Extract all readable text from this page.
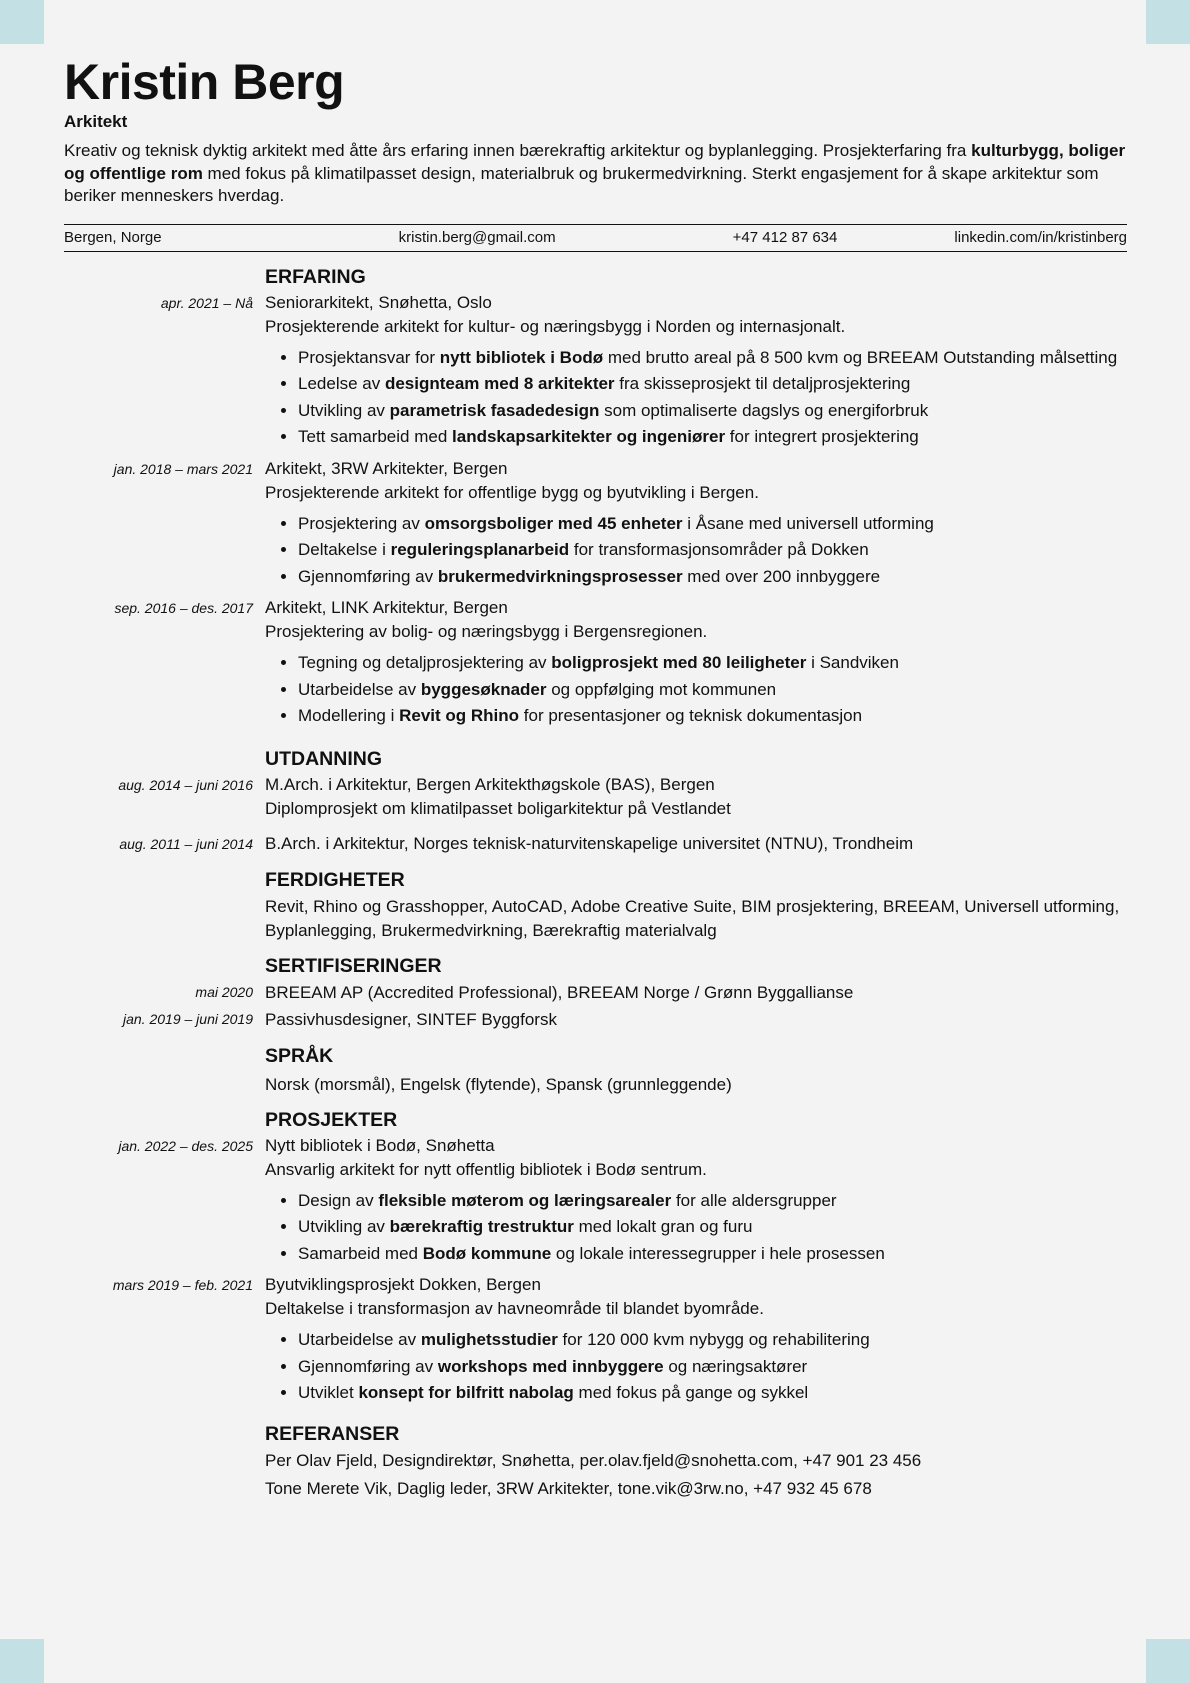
Kristin Berg
Arkitekt
Kreativ og teknisk dyktig arkitekt med åtte års erfaring innen bærekraftig arkitektur og byplanlegging. Prosjekterfaring fra kulturbygg, boliger og offentlige rom med fokus på klimatilpasset design, materialbruk og brukermedvirkning. Sterkt engasjement for å skape arkitektur som beriker menneskers hverdag.
Bergen, Norge	kristin.berg@gmail.com	+47 412 87 634	linkedin.com/in/kristinberg
ERFARING
apr. 2021 – Nå Seniorarkitekt, Snøhetta, Oslo
Prosjekterende arkitekt for kultur- og næringsbygg i Norden og internasjonalt.
• Prosjektansvar for nytt bibliotek i Bodø med brutto areal på 8 500 kvm og BREEAM Outstanding målsetting
• Ledelse av designteam med 8 arkitekter fra skisseprosjekt til detaljprosjektering
• Utvikling av parametrisk fasadedesign som optimaliserte dagslys og energiforbruk
• Tett samarbeid med landskapsarkitekter og ingeniører for integrert prosjektering
jan. 2018 – mars 2021 Arkitekt, 3RW Arkitekter, Bergen
Prosjekterende arkitekt for offentlige bygg og byutvikling i Bergen.
• Prosjektering av omsorgsboliger med 45 enheter i Åsane med universell utforming
• Deltakelse i reguleringsplanarbeid for transformasjonsområder på Dokken
• Gjennomføring av brukermedvirkningsprosesser med over 200 innbyggere
sep. 2016 – des. 2017 Arkitekt, LINK Arkitektur, Bergen
Prosjektering av bolig- og næringsbygg i Bergensregionen.
• Tegning og detaljprosjektering av boligprosjekt med 80 leiligheter i Sandviken
• Utarbeidelse av byggesøknader og oppfølging mot kommunen
• Modellering i Revit og Rhino for presentasjoner og teknisk dokumentasjon
UTDANNING
aug. 2014 – juni 2016 M.Arch. i Arkitektur, Bergen Arkitekthøgskole (BAS), Bergen
Diplomprosjekt om klimatilpasset boligarkitektur på Vestlandet
aug. 2011 – juni 2014 B.Arch. i Arkitektur, Norges teknisk-naturvitenskapelige universitet (NTNU), Trondheim
FERDIGHETER
Revit, Rhino og Grasshopper, AutoCAD, Adobe Creative Suite, BIM prosjektering, BREEAM, Universell utforming, Byplanlegging, Brukermedvirkning, Bærekraftig materialvalg
SERTIFISERINGER
mai 2020 BREEAM AP (Accredited Professional), BREEAM Norge / Grønn Byggallianse
jan. 2019 – juni 2019 Passivhusdesigner, SINTEF Byggforsk
SPRÅK
Norsk (morsmål), Engelsk (flytende), Spansk (grunnleggende)
PROSJEKTER
jan. 2022 – des. 2025 Nytt bibliotek i Bodø, Snøhetta
Ansvarlig arkitekt for nytt offentlig bibliotek i Bodø sentrum.
• Design av fleksible møterom og læringsarealer for alle aldersgrupper
• Utvikling av bærekraftig trestruktur med lokalt gran og furu
• Samarbeid med Bodø kommune og lokale interessegrupper i hele prosessen
mars 2019 – feb. 2021 Byutviklingsprosjekt Dokken, Bergen
Deltakelse i transformasjon av havneområde til blandet byområde.
• Utarbeidelse av mulighetsstudier for 120 000 kvm nybygg og rehabilitering
• Gjennomføring av workshops med innbyggere og næringsaktører
• Utviklet konsept for bilfritt nabolag med fokus på gange og sykkel
REFERANSER
Per Olav Fjeld, Designdirektør, Snøhetta, per.olav.fjeld@snohetta.com, +47 901 23 456
Tone Merete Vik, Daglig leder, 3RW Arkitekter, tone.vik@3rw.no, +47 932 45 678
